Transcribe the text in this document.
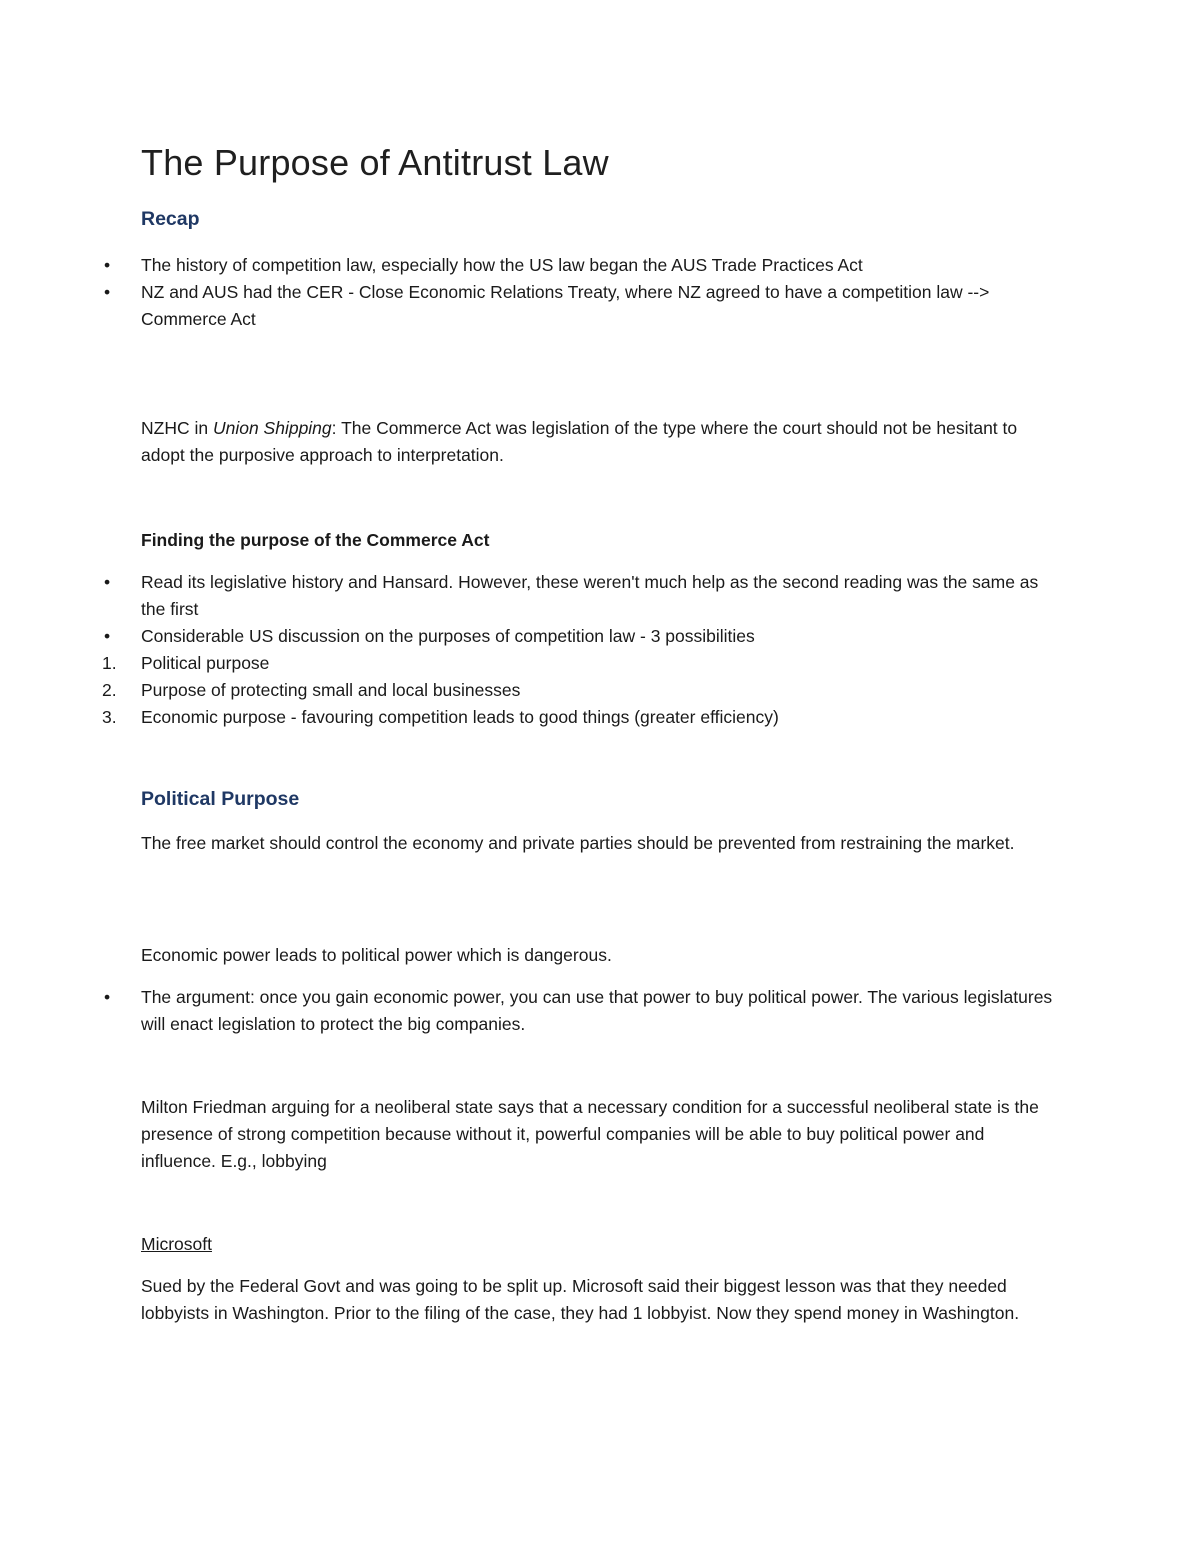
The Purpose of Antitrust Law
Recap
• The history of competition law, especially how the US law began the AUS Trade Practices Act
• NZ and AUS had the CER - Close Economic Relations Treaty, where NZ agreed to have a competition law --> Commerce Act

NZHC in Union Shipping: The Commerce Act was legislation of the type where the court should not be hesitant to adopt the purposive approach to interpretation.

Finding the purpose of the Commerce Act

• Read its legislative history and Hansard. However, these weren't much help as the second reading was the same as the first
• Considerable US discussion on the purposes of competition law - 3 possibilities
1. Political purpose
2. Purpose of protecting small and local businesses
3. Economic purpose - favouring competition leads to good things (greater efficiency)
Political Purpose

The free market should control the economy and private parties should be prevented from restraining the market.

Economic power leads to political power which is dangerous.

• The argument: once you gain economic power, you can use that power to buy political power. The various legislatures will enact legislation to protect the big companies.

Milton Friedman arguing for a neoliberal state says that a necessary condition for a successful neoliberal state is the presence of strong competition because without it, powerful companies will be able to buy political power and influence. E.g., lobbying

Microsoft

Sued by the Federal Govt and was going to be split up. Microsoft said their biggest lesson was that they needed lobbyists in Washington. Prior to the filing of the case, they had 1 lobbyist. Now they spend money in Washington.
